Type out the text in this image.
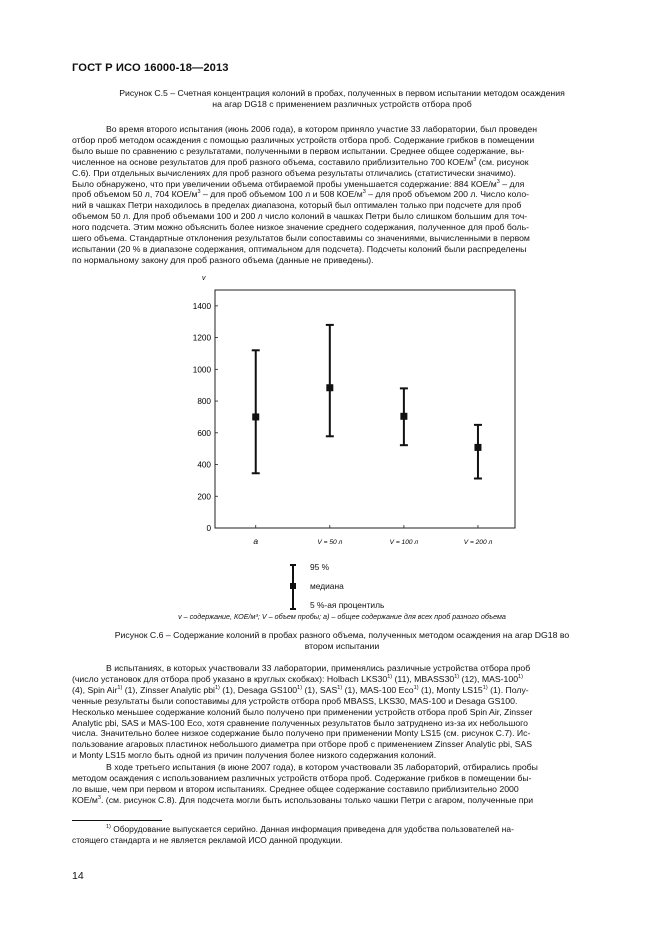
ГОСТ Р ИСО 16000-18—2013
Рисунок С.5 – Счетная концентрация колоний в пробах, полученных в первом испытании методом осаждения
на агар DG18 с применением различных устройств отбора проб

Во время второго испытания (июнь 2006 года), в котором приняло участие 33 лаборатории, был проведен

отбор проб методом осаждения с помощью различных устройств отбора проб. Содержание грибков в помещении
было выше по сравнению с результатами, полученными в первом испытании. Среднее общее содержание, вы-
численное на основе результатов для проб разного объема, составило приблизительно 700 КОЕ/$м^3$ (см. рисунок
С.6). При отдельных вычислениях для проб разного объема результаты отличались (статистически значимо).
Было обнаружено, что при увеличении объема отбираемой пробы уменьшается содержание: 884 КОЕ/$м^3$ – для
проб объемом 50 л, 704 КОЕ/$м^3$ – для проб объемом 100 л и 508 КОЕ/$м^3$ – для проб объемом 200 л. Число коло-
ний в чашках Петри находилось в пределах диапазона, который был оптимален только при подсчете для проб
объемом 50 л. Для проб объемами 100 и 200 л число колоний в чашках Петри было слишком большим для точ-
ного подсчета. Этим можно объяснить более низкое значение среднего содержания, полученное для проб боль-
шего объема. Стандартные отклонения результатов были сопоставимы со значениями, вычисленными в первом
испытании (20 % в диапазоне содержания, оптимальном для подсчета). Подсчеты колоний были распределены
по нормальному закону для проб разного объема (данные не приведены).
v
0
200
400
600
800
1000
1200
1400
a	V = 50 л	V = 100 л	V = 200 л
95 %
медиана
5 %-ая процентиль
v – содержание, КОЕ/м³; V – объем пробы; a) – общее содержание для всех проб разного объема
Рисунок С.6 – Содержание колоний в пробах разного объема, полученных методом осаждения на агар DG18 во
втором испытании

В испытаниях, в которых участвовали 33 лаборатории, применялись различные устройства отбора проб

(число установок для отбора проб указано в круглых скобках): Holbach LKS30$^{1)}$ (11), MBASS30$^{1)}$ (12), MAS-100$^{1)}$
(4), Spin Air$^{1)}$ (1), Zinsser Analytic pbi$^{1)}$ (1), Desaga GS100$^{1)}$ (1), SAS$^{1)}$ (1), MAS-100 Eco$^{1)}$ (1), Monty LS15$^{1)}$ (1). Полу-
ченные результаты были сопоставимы для устройств отбора проб MBASS, LKS30, MAS-100 и Desaga GS100.
Несколько меньшее содержание колоний было получено при применении устройств отбора проб Spin Air, Zinsser
Analytic pbi, SAS и MAS-100 Eco, хотя сравнение полученных результатов было затруднено из-за их небольшого
числа. Значительно более низкое содержание было получено при применении Monty LS15 (см. рисунок С.7). Ис-
пользование агаровых пластинок небольшого диаметра при отборе проб с применением Zinsser Analytic pbi, SAS
и Monty LS15 могло быть одной из причин получения более низкого содержания колоний.

В ходе третьего испытания (в июне 2007 года), в котором участвовали 35 лабораторий, отбирались пробы

методом осаждения с использованием различных устройств отбора проб. Содержание грибков в помещении бы-
ло выше, чем при первом и втором испытаниях. Среднее общее содержание составило приблизительно 2000
КОЕ/$м^3$. (см. рисунок С.8). Для подсчета могли быть использованы только чашки Петри с агаром, полученные при

$^{1)}$ Оборудование выпускается серийно. Данная информация приведена для удобства пользователей на-

стоящего стандарта и не является рекламой ИСО данной продукции.
14
